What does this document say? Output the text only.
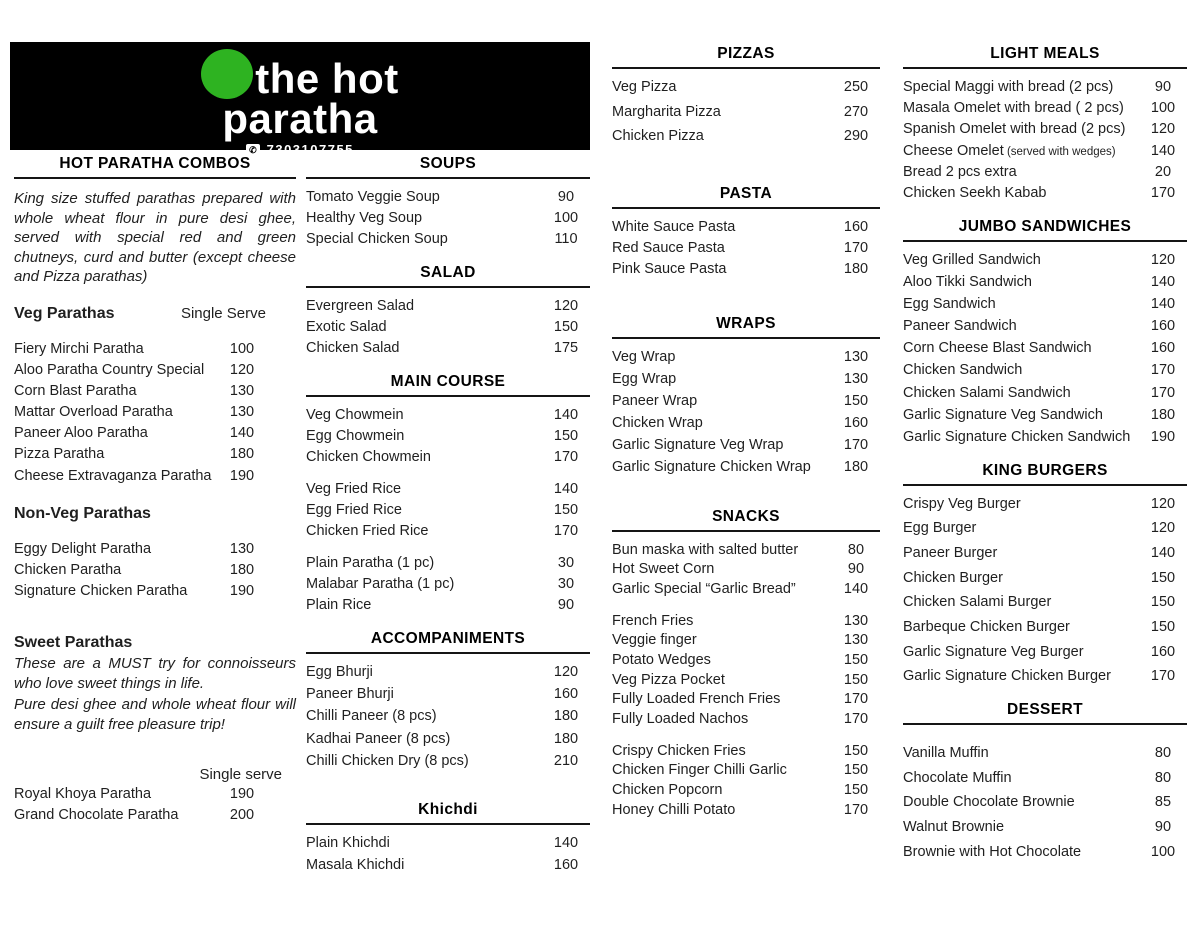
the hot
paratha
✆ 7303107755
HOT PARATHA COMBOS
King size stuffed parathas prepared with whole wheat flour in pure desi ghee, served with special red and green chutneys, curd and butter (except cheese and Pizza parathas)
Veg Parathas	Single Serve
Fiery Mirchi Paratha	100
Aloo Paratha Country Special	120
Corn Blast Paratha	130
Mattar Overload Paratha	130
Paneer Aloo Paratha	140
Pizza Paratha	180
Cheese Extravaganza Paratha	190
Non-Veg Parathas
Eggy Delight Paratha	130
Chicken Paratha	180
Signature Chicken Paratha	190
Sweet Parathas
These are a MUST try for connoisseurs who love sweet things in life.
Pure desi ghee and whole wheat flour will ensure a guilt free pleasure trip!
Single serve
Royal Khoya Paratha	190
Grand Chocolate Paratha	200
SOUPS
Tomato Veggie Soup	90
Healthy Veg Soup	100
Special Chicken Soup	110
SALAD
Evergreen Salad	120
Exotic Salad	150
Chicken Salad	175
MAIN COURSE
Veg Chowmein	140
Egg Chowmein	150
Chicken Chowmein	170
Veg Fried Rice	140
Egg Fried Rice	150
Chicken Fried Rice	170
Plain Paratha (1 pc)	30
Malabar Paratha (1 pc)	30
Plain Rice	90
ACCOMPANIMENTS
Egg Bhurji	120
Paneer Bhurji	160
Chilli Paneer (8 pcs)	180
Kadhai Paneer (8 pcs)	180
Chilli Chicken Dry (8 pcs)	210
Khichdi
Plain Khichdi	140
Masala Khichdi	160
PIZZAS
Veg Pizza	250
Margharita Pizza	270
Chicken Pizza	290
PASTA
White Sauce Pasta	160
Red Sauce Pasta	170
Pink Sauce Pasta	180
WRAPS
Veg Wrap	130
Egg Wrap	130
Paneer Wrap	150
Chicken Wrap	160
Garlic Signature Veg Wrap	170
Garlic Signature Chicken Wrap	180
SNACKS
Bun maska with salted butter	80
Hot Sweet Corn	90
Garlic Special “Garlic Bread”	140
French Fries	130
Veggie finger	130
Potato Wedges	150
Veg Pizza Pocket	150
Fully Loaded French Fries	170
Fully Loaded Nachos	170
Crispy Chicken Fries	150
Chicken Finger Chilli Garlic	150
Chicken Popcorn	150
Honey Chilli Potato	170
LIGHT MEALS
Special Maggi with bread (2 pcs)	90
Masala Omelet with bread ( 2 pcs)	100
Spanish Omelet with bread (2 pcs)	120
Cheese Omelet (served with wedges)	140
Bread 2 pcs extra	20
Chicken Seekh Kabab	170
JUMBO SANDWICHES
Veg Grilled Sandwich	120
Aloo Tikki Sandwich	140
Egg Sandwich	140
Paneer Sandwich	160
Corn Cheese Blast Sandwich	160
Chicken Sandwich	170
Chicken Salami Sandwich	170
Garlic Signature Veg Sandwich	180
Garlic Signature Chicken Sandwich	190
KING BURGERS
Crispy Veg Burger	120
Egg Burger	120
Paneer Burger	140
Chicken Burger	150
Chicken Salami Burger	150
Barbeque Chicken Burger	150
Garlic Signature Veg Burger	160
Garlic Signature Chicken Burger	170
DESSERT
Vanilla Muffin	80
Chocolate Muffin	80
Double Chocolate Brownie	85
Walnut Brownie	90
Brownie with Hot Chocolate	100
